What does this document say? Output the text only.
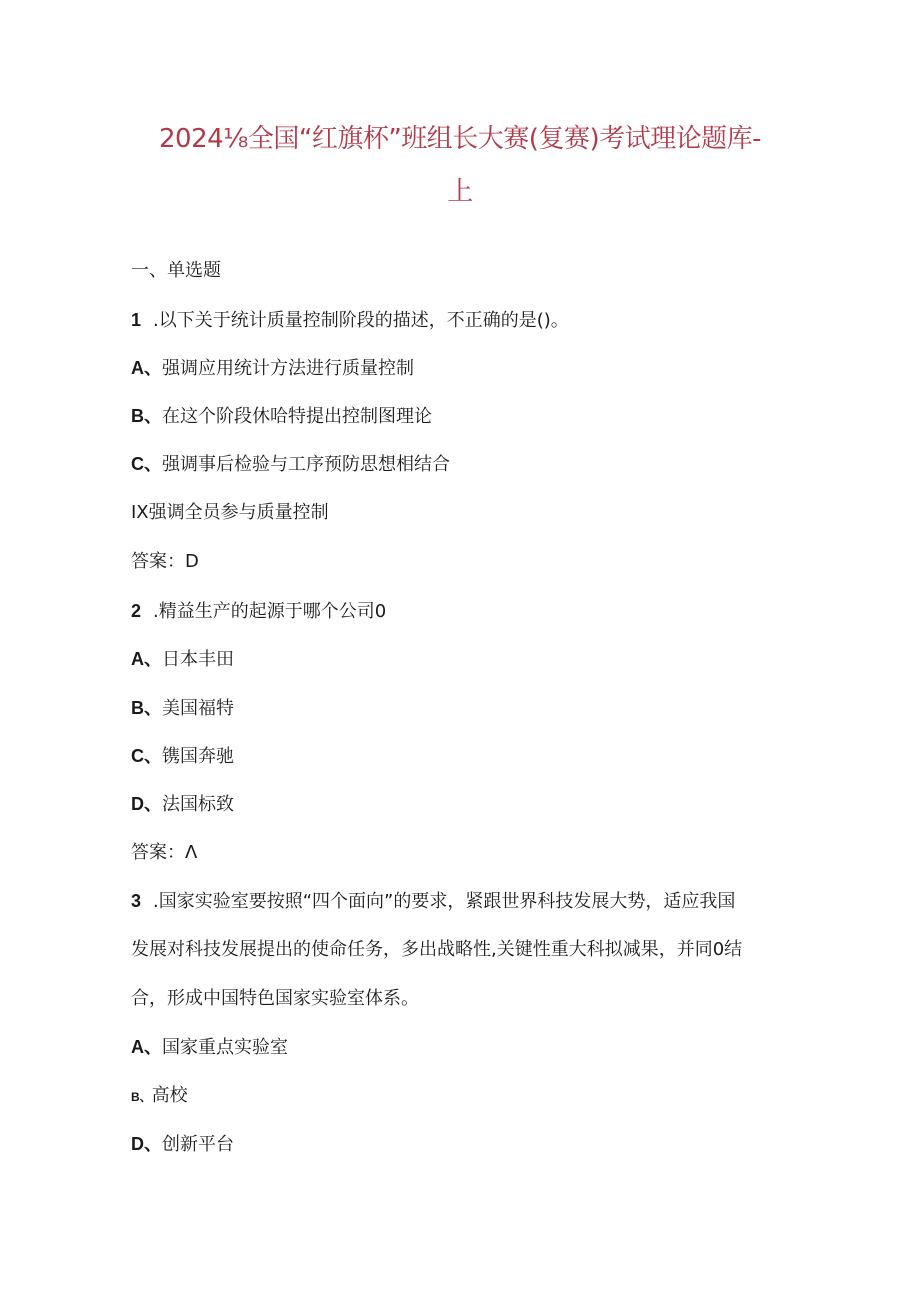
2024⅛全国“红旗杯”班组长大赛(复赛)考试理论题库-
上
一、单选题
1 .以下关于统计质量控制阶段的描述，不正确的是()。
A、强调应用统计方法进行质量控制
B、在这个阶段休哈特提出控制图理论
C、强调事后检验与工序预防思想相结合
ⅠⅩ强调全员参与质量控制
答案：D
2 .精益生产的起源于哪个公司0
A、日本丰田
B、美国福特
C、镌国奔驰
D、法国标致
答案：Λ
3 .国家实验室要按照“四个面向”的要求，紧跟世界科技发展大势，适应我国
发展对科技发展提出的使命任务，多出战略性,关键性重大科拟减果，并同0结
合，形成中国特色国家实验室体系。
A、国家重点实验室
B、高校
D、创新平台
